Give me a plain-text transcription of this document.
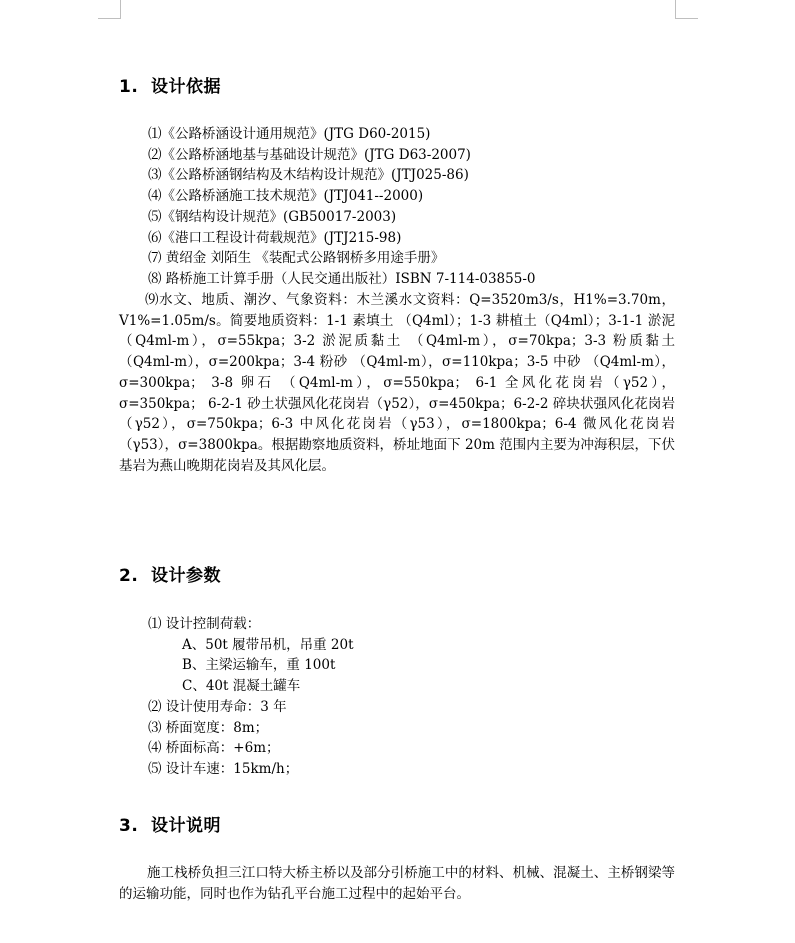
1. 设计依据
⑴《公路桥涵设计通用规范》(JTG D60-2015)
⑵《公路桥涵地基与基础设计规范》(JTG D63-2007)
⑶《公路桥涵钢结构及木结构设计规范》(JTJ025-86)
⑷《公路桥涵施工技术规范》(JTJ041--2000)
⑸《钢结构设计规范》(GB50017-2003)
⑹《港口工程设计荷载规范》(JTJ215-98)
⑺ 黄绍金 刘陌生 《装配式公路钢桥多用途手册》
⑻ 路桥施工计算手册（人民交通出版社）ISBN 7-114-03855-0

⑼水文、地质、潮汐、气象资料：木兰溪水文资料：Q=3520m3/s，H1%=3.70m，V1%=1.05m/s。简要地质资料：1-1 素填土 （Q4ml）；1-3 耕植土（Q4ml）；3-1-1 淤泥 （Q4ml-m），σ=55kpa；3-2 淤泥质黏土 （Q4ml-m），σ=70kpa；3-3 粉质黏土 （Q4ml-m），σ=200kpa；3-4 粉砂 （Q4ml-m），σ=110kpa；3-5 中砂 （Q4ml-m），σ=300kpa； 3-8 卵石 （Q4ml-m），σ=550kpa； 6-1 全风化花岗岩（γ52），σ=350kpa； 6-2-1 砂土状强风化花岗岩（γ52），σ=450kpa；6-2-2 碎块状强风化花岗岩（γ52），σ=750kpa；6-3 中风化花岗岩（γ53），σ=1800kpa；6-4 微风化花岗岩（γ53），σ=3800kpa。根据勘察地质资料，桥址地面下 20m 范围内主要为冲海积层，下伏基岩为燕山晚期花岗岩及其风化层。

2. 设计参数
⑴ 设计控制荷载：
A、50t 履带吊机，吊重 20t
B、主梁运输车，重 100t
C、40t 混凝土罐车
⑵ 设计使用寿命：3 年
⑶ 桥面宽度：8m；
⑷ 桥面标高：+6m；
⑸ 设计车速：15km/h；
3. 设计说明

施工栈桥负担三江口特大桥主桥以及部分引桥施工中的材料、机械、混凝土、主桥钢梁等的运输功能，同时也作为钻孔平台施工过程中的起始平台。
